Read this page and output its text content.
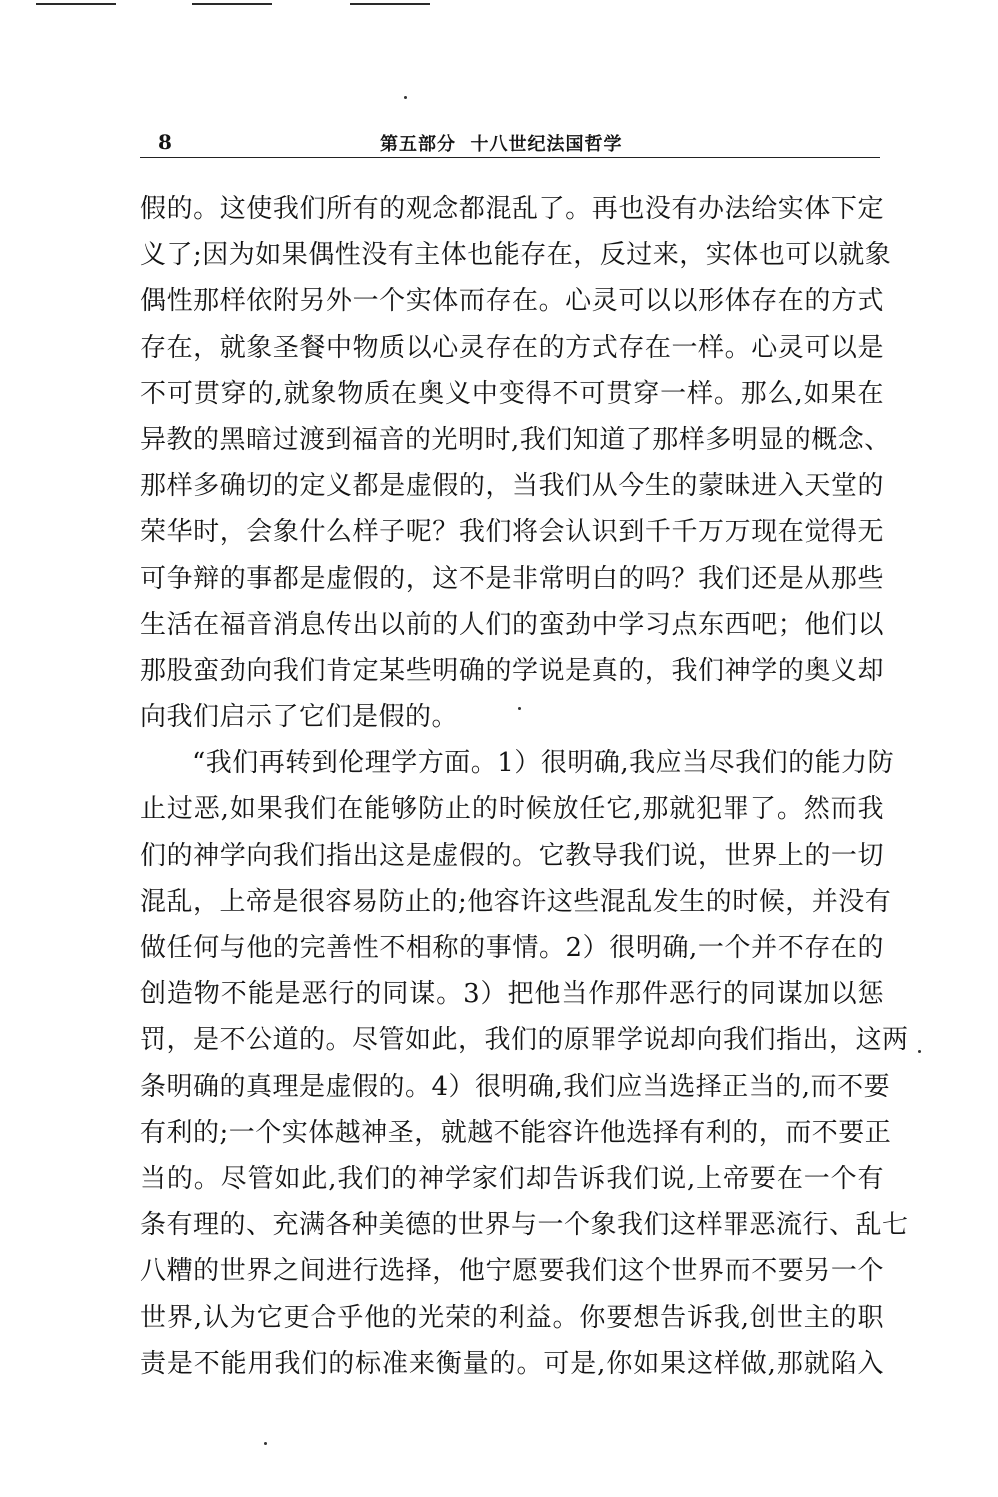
8	第五部分  十八世纪法国哲学
假的。这使我们所有的观念都混乱了。再也没有办法给实体下定
义了;因为如果偶性没有主体也能存在，反过来，实体也可以就象
偶性那样依附另外一个实体而存在。心灵可以以形体存在的方式
存在，就象圣餐中物质以心灵存在的方式存在一样。心灵可以是
不可贯穿的,就象物质在奥义中变得不可贯穿一样。那么,如果在
异教的黑暗过渡到福音的光明时,我们知道了那样多明显的概念、
那样多确切的定义都是虚假的，当我们从今生的蒙昧进入天堂的
荣华时，会象什么样子呢？我们将会认识到千千万万现在觉得无
可争辩的事都是虚假的，这不是非常明白的吗？我们还是从那些
生活在福音消息传出以前的人们的蛮劲中学习点东西吧；他们以
那股蛮劲向我们肯定某些明确的学说是真的，我们神学的奥义却
向我们启示了它们是假的。
“我们再转到伦理学方面。1）很明确,我应当尽我们的能力防
止过恶,如果我们在能够防止的时候放任它,那就犯罪了。然而我
们的神学向我们指出这是虚假的。它教导我们说，世界上的一切
混乱，上帝是很容易防止的;他容许这些混乱发生的时候，并没有
做任何与他的完善性不相称的事情。2）很明确,一个并不存在的
创造物不能是恶行的同谋。3）把他当作那件恶行的同谋加以惩
罚，是不公道的。尽管如此，我们的原罪学说却向我们指出，这两
条明确的真理是虚假的。4）很明确,我们应当选择正当的,而不要
有利的;一个实体越神圣，就越不能容许他选择有利的，而不要正
当的。尽管如此,我们的神学家们却告诉我们说,上帝要在一个有
条有理的、充满各种美德的世界与一个象我们这样罪恶流行、乱七
八糟的世界之间进行选择，他宁愿要我们这个世界而不要另一个
世界,认为它更合乎他的光荣的利益。你要想告诉我,创世主的职
责是不能用我们的标准来衡量的。可是,你如果这样做,那就陷入
